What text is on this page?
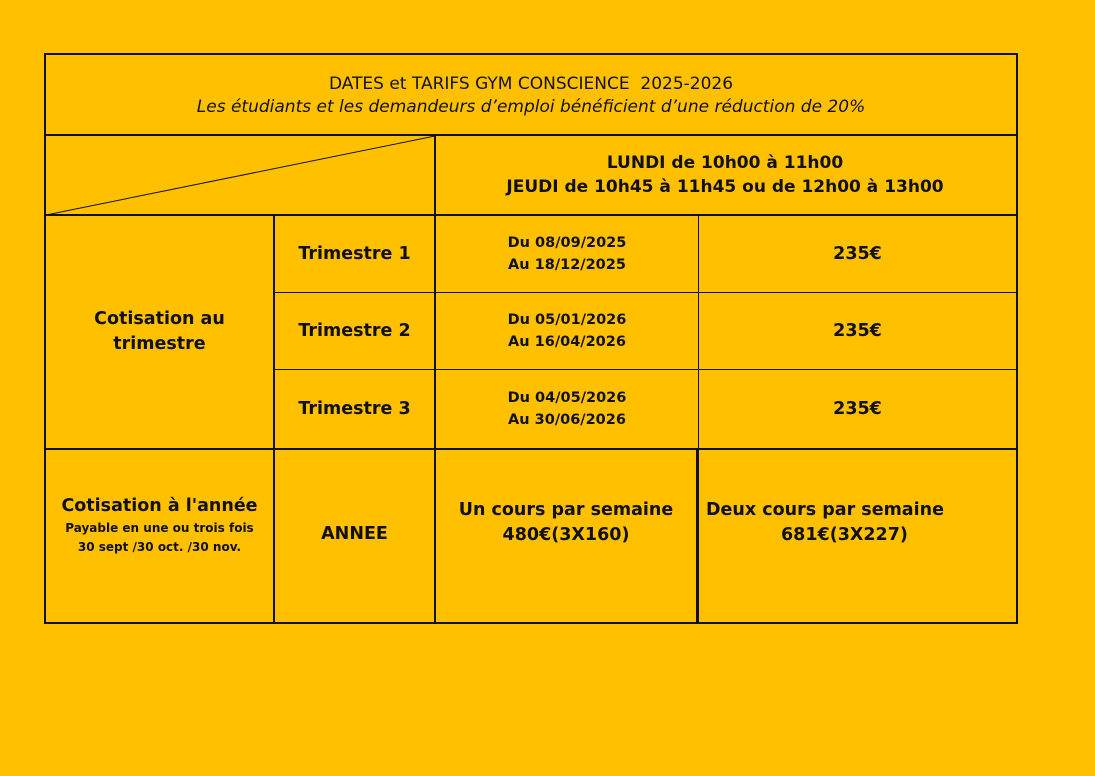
DATES et TARIFS GYM CONSCIENCE  2025-2026
Les étudiants et les demandeurs d’emploi bénéficient d’une réduction de 20%
LUNDI de 10h00 à 11h00
JEUDI de 10h45 à 11h45 ou de 12h00 à 13h00
Cotisation au
trimestre
Trimestre 1
Du 08/09/2025
Au 18/12/2025
235€
Trimestre 2
Du 05/01/2026
Au 16/04/2026
235€
Trimestre 3
Du 04/05/2026
Au 30/06/2026
235€
Cotisation à l'année
Payable en une ou trois fois
30 sept /30 oct. /30 nov.
ANNEE
Un cours par semaine
480€(3X160)
Deux cours par semaine
681€(3X227)
